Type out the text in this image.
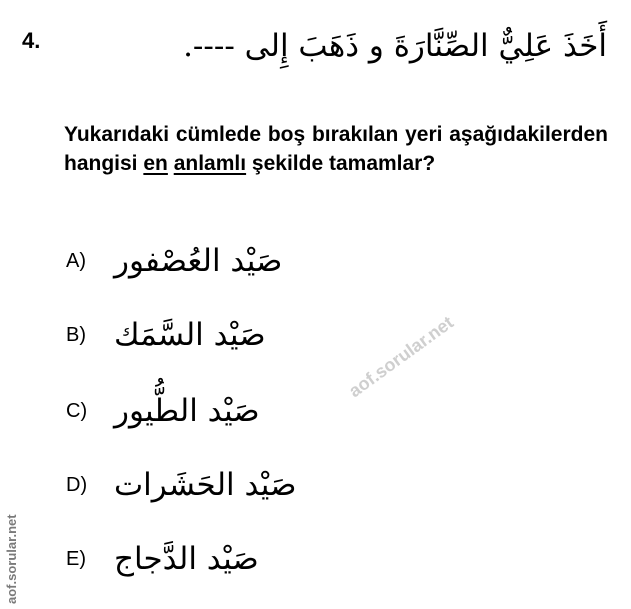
4.	أَخَذَ عَلِيٌّ الصِّنَّارَةَ و ذَهَبَ إِلى ----.
Yukarıdaki cümlede boş bırakılan yeri aşağıdakilerden hangisi en anlamlı şekilde tamamlar?
A) صَيْد العُصْفور
B) صَيْد السَّمَك
C) صَيْد الطُّيور
D) صَيْد الحَشَرات
E) صَيْد الدَّجاج
aof.sorular.net
aof.sorular.net
